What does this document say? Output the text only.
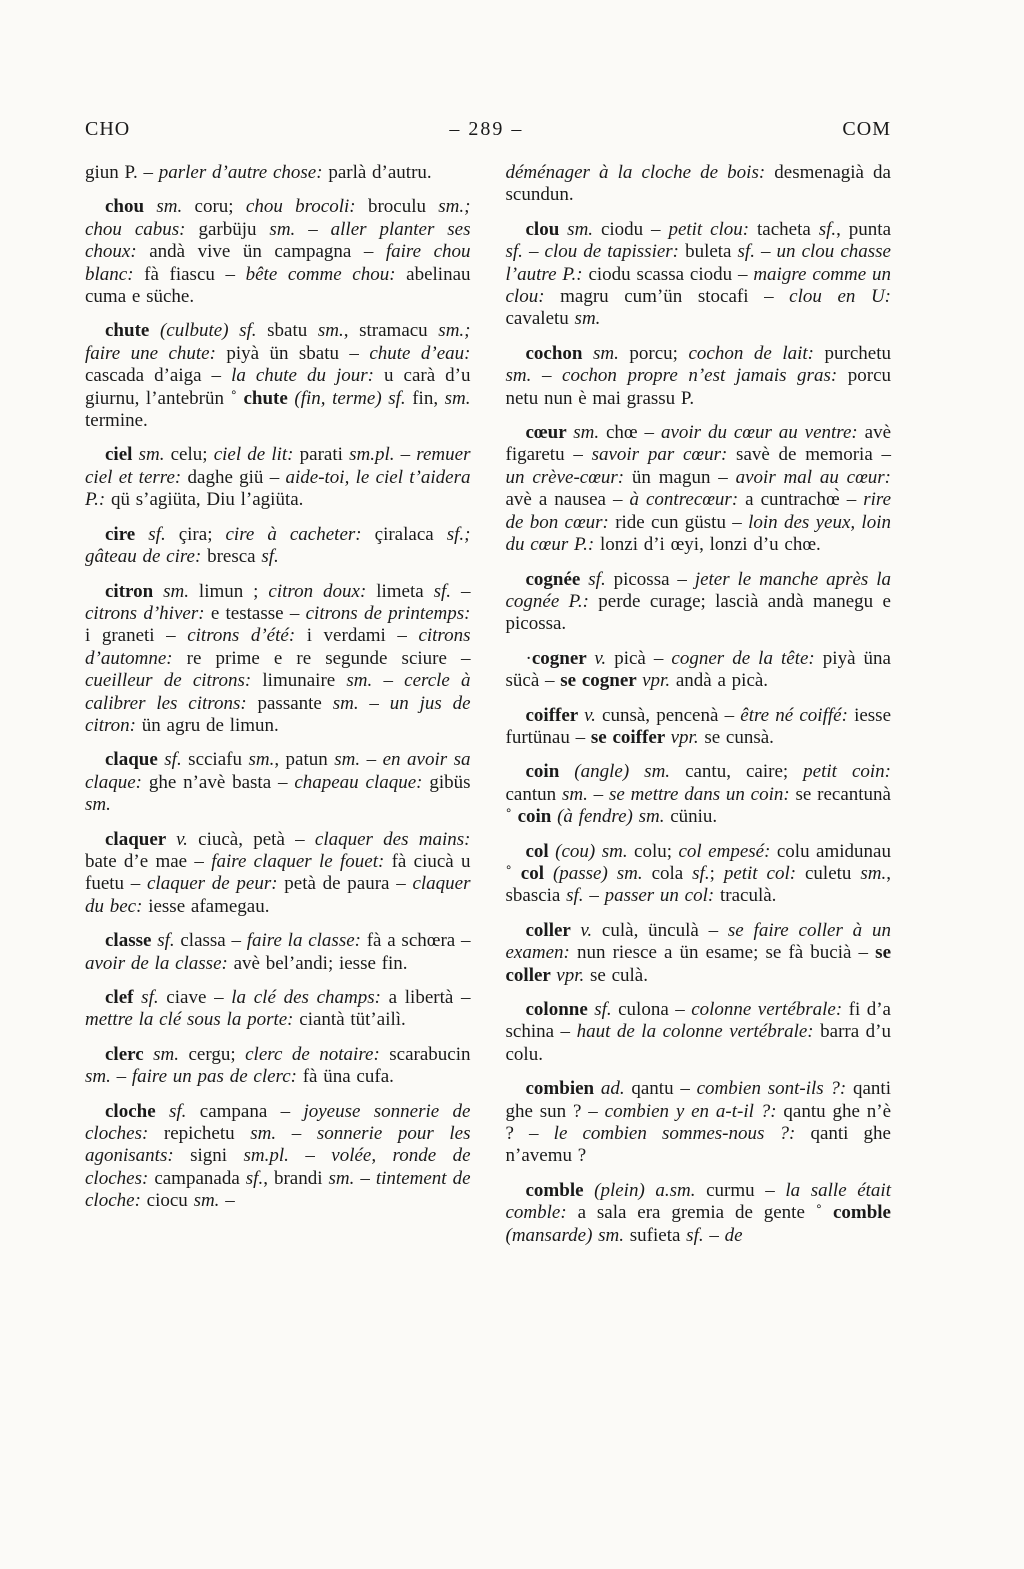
CHO	– 289 –	COM

giun P. – parler d’autre chose: parlà d’autru.

chou sm. coru; chou brocoli: broculu sm.; chou cabus: garbüju sm. – aller planter ses choux: andà vive ün campagna – faire chou blanc: fà fiascu – bête comme chou: abelinau cuma e süche.

chute (culbute) sf. sbatu sm., stramacu sm.; faire une chute: piyà ün sbatu – chute d’eau: cascada d’aiga – la chute du jour: u carà d’u giurnu, l’antebrün ˚ chute (fin, terme) sf. fin, sm. termine.

ciel sm. celu; ciel de lit: parati sm.pl. – remuer ciel et terre: daghe giü – aide-toi, le ciel t’aidera P.: qü s’agiüta, Diu l’agiüta.

cire sf. çira; cire à cacheter: çiralaca sf.; gâteau de cire: bresca sf.

citron sm. limun ; citron doux: limeta sf. – citrons d’hiver: e testasse – citrons de printemps: i graneti – citrons d’été: i verdami – citrons d’automne: re prime e re segunde sciure – cueilleur de citrons: limunaire sm. – cercle à calibrer les citrons: passante sm. – un jus de citron: ün agru de limun.

claque sf. scciafu sm., patun sm. – en avoir sa claque: ghe n’avè basta – chapeau claque: gibüs sm.

claquer v. ciucà, petà – claquer des mains: bate d’e mae – faire claquer le fouet: fà ciucà u fuetu – claquer de peur: petà de paura – claquer du bec: iesse afamegau.

classe sf. classa – faire la classe: fà a schœra – avoir de la classe: avè bel’andi; iesse fin.

clef sf. ciave – la clé des champs: a libertà – mettre la clé sous la porte: ciantà tüt’ailì.

clerc sm. cergu; clerc de notaire: scarabucin sm. – faire un pas de clerc: fà üna cufa.

cloche sf. campana – joyeuse sonnerie de cloches: repichetu sm. – sonnerie pour les agonisants: signi sm.pl. – volée, ronde de cloches: campanada sf., brandi sm. – tintement de cloche: ciocu sm. –

déménager à la cloche de bois: desmenagià da scundun.

clou sm. ciodu – petit clou: tacheta sf., punta sf. – clou de tapissier: buleta sf. – un clou chasse l’autre P.: ciodu scassa ciodu – maigre comme un clou: magru cum’ün stocafi – clou en U: cavaletu sm.

cochon sm. porcu; cochon de lait: purchetu sm. – cochon propre n’est jamais gras: porcu netu nun è mai grassu P.

cœur sm. chœ – avoir du cœur au ventre: avè figaretu – savoir par cœur: savè de memoria – un crève-cœur: ün magun – avoir mal au cœur: avè a nausea – à contrecœur: a cuntrachœ̀ – rire de bon cœur: ride cun güstu – loin des yeux, loin du cœur P.: lonzi d’i œyi, lonzi d’u chœ.

cognée sf. picossa – jeter le manche après la cognée P.: perde curage; lascià andà manegu e picossa.

·cogner v. picà – cogner de la tête: piyà üna sücà – se cogner vpr. andà a picà.

coiffer v. cunsà, pencenà – être né coiffé: iesse furtünau – se coiffer vpr. se cunsà.

coin (angle) sm. cantu, caire; petit coin: cantun sm. – se mettre dans un coin: se recantunà ˚ coin (à fendre) sm. cüniu.

col (cou) sm. colu; col empesé: colu amidunau ˚ col (passe) sm. cola sf.; petit col: culetu sm., sbascia sf. – passer un col: traculà.

coller v. culà, ünculà – se faire coller à un examen: nun riesce a ün esame; se fà bucià – se coller vpr. se culà.

colonne sf. culona – colonne vertébrale: fi d’a schina – haut de la colonne vertébrale: barra d’u colu.

combien ad. qantu – combien sont-ils ?: qanti ghe sun ? – combien y en a-t-il ?: qantu ghe n’è ? – le combien sommes-nous ?: qanti ghe n’avemu ?

comble (plein) a.sm. curmu – la salle était comble: a sala era gremia de gente ˚ comble (mansarde) sm. sufieta sf. – de
